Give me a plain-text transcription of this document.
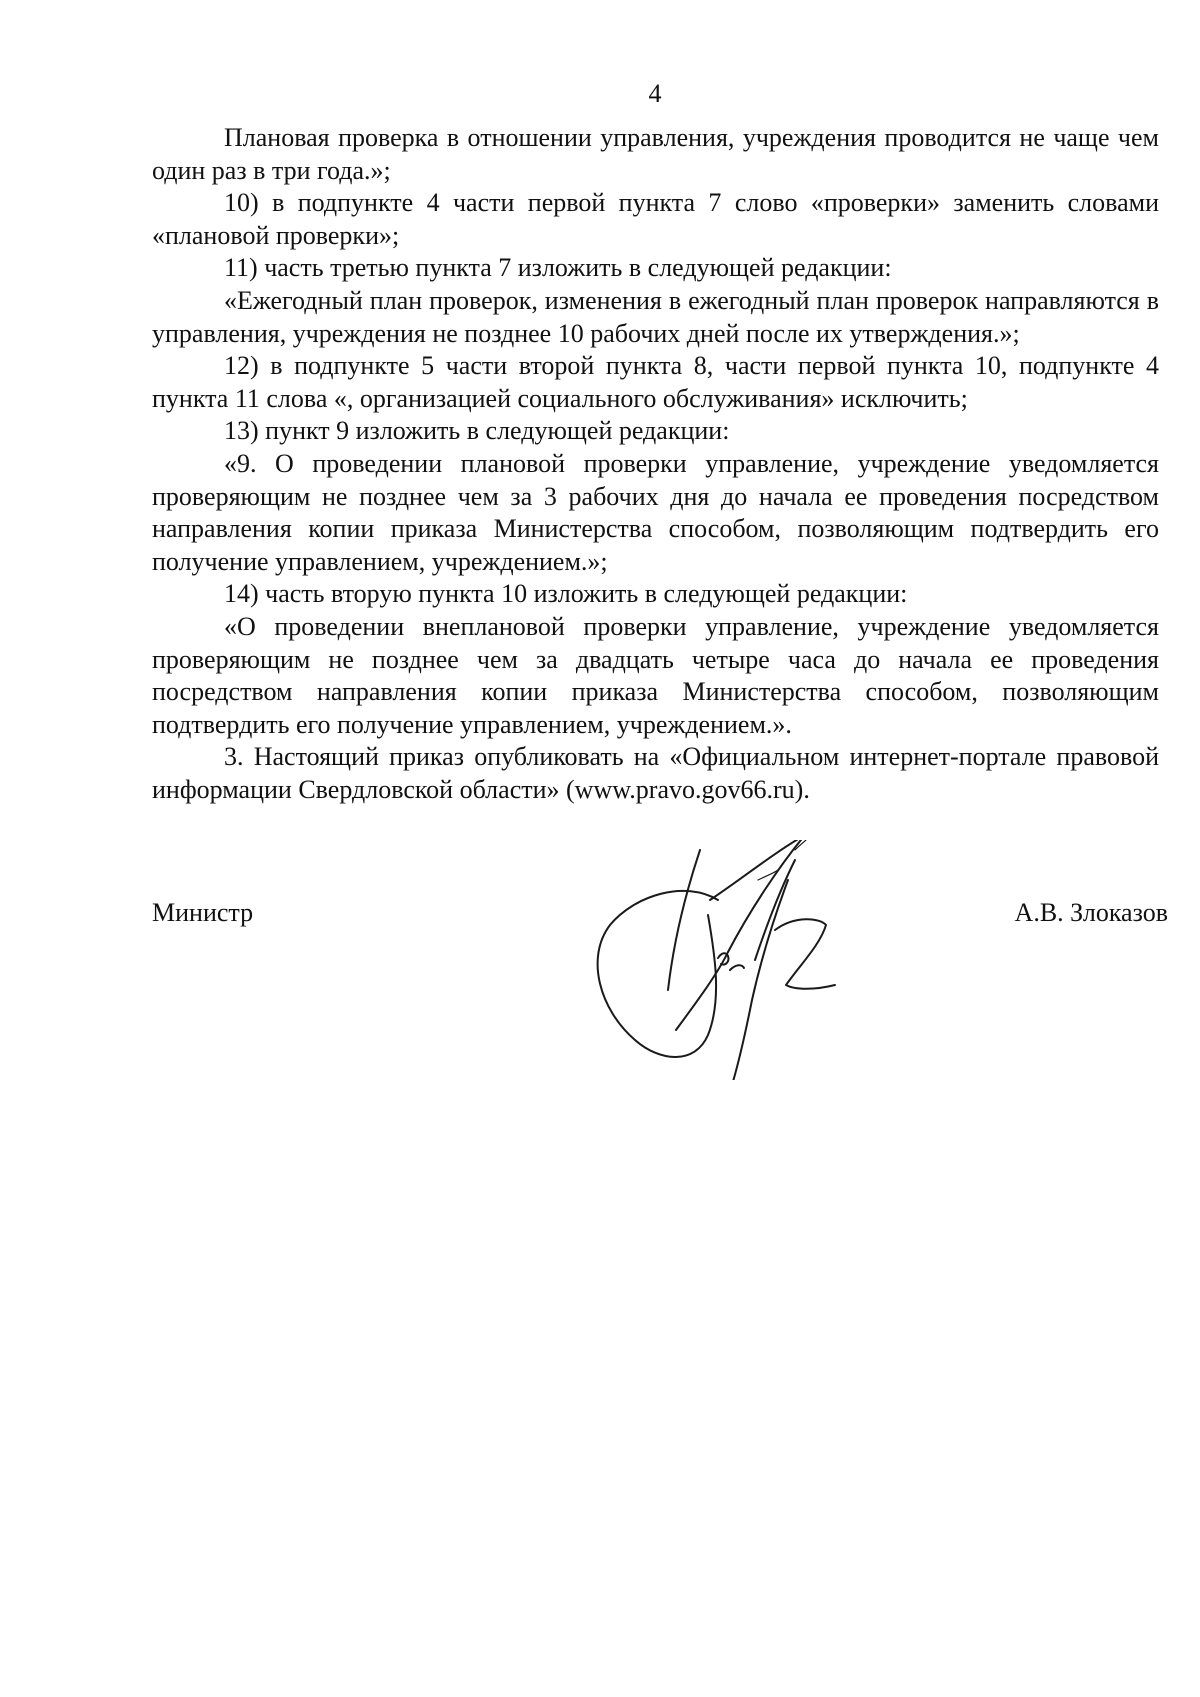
4

Плановая проверка в отношении управления, учреждения проводится не чаще чем один раз в три года.»;

10) в подпункте 4 части первой пункта 7 слово «проверки» заменить словами «плановой проверки»;

11) часть третью пункта 7 изложить в следующей редакции:

«Ежегодный план проверок, изменения в ежегодный план проверок направляются в управления, учреждения не позднее 10 рабочих дней после их утверждения.»;

12) в подпункте 5 части второй пункта 8, части первой пункта 10, подпункте 4 пункта 11 слова «, организацией социального обслуживания» исключить;

13) пункт 9 изложить в следующей редакции:

«9. О проведении плановой проверки управление, учреждение уведомляется проверяющим не позднее чем за 3 рабочих дня до начала ее проведения посредством направления копии приказа Министерства способом, позволяющим подтвердить его получение управлением, учреждением.»;

14) часть вторую пункта 10 изложить в следующей редакции:

«О проведении внеплановой проверки управление, учреждение уведомляется проверяющим не позднее чем за двадцать четыре часа до начала ее проведения посредством направления копии приказа Министерства способом, позволяющим подтвердить его получение управлением, учреждением.».

3. Настоящий приказ опубликовать на «Официальном интернет-портале правовой информации Свердловской области» (www.pravo.gov66.ru).

Министр	А.В. Злоказов
